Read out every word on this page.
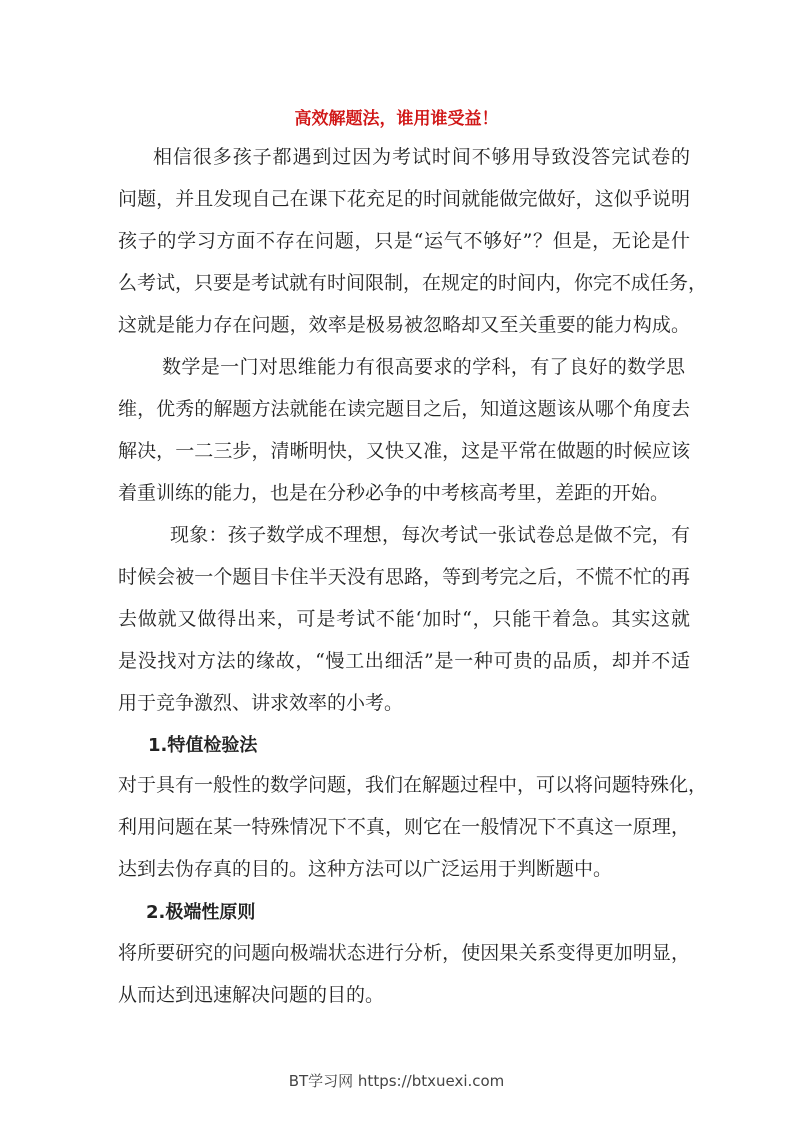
高效解题法，谁用谁受益！
相信很多孩子都遇到过因为考试时间不够用导致没答完试卷的
问题，并且发现自己在课下花充足的时间就能做完做好，这似乎说明
孩子的学习方面不存在问题，只是“运气不够好”？但是，无论是什
么考试，只要是考试就有时间限制，在规定的时间内，你完不成任务，
这就是能力存在问题，效率是极易被忽略却又至关重要的能力构成。
数学是一门对思维能力有很高要求的学科，有了良好的数学思
维，优秀的解题方法就能在读完题目之后，知道这题该从哪个角度去
解决，一二三步，清晰明快，又快又准，这是平常在做题的时候应该
着重训练的能力，也是在分秒必争的中考核高考里，差距的开始。
现象：孩子数学成不理想，每次考试一张试卷总是做不完，有
时候会被一个题目卡住半天没有思路，等到考完之后，不慌不忙的再
去做就又做得出来，可是考试不能‘加时“，只能干着急。其实这就
是没找对方法的缘故，“慢工出细活”是一种可贵的品质，却并不适
用于竞争激烈、讲求效率的小考。
1.特值检验法
对于具有一般性的数学问题，我们在解题过程中，可以将问题特殊化，
利用问题在某一特殊情况下不真，则它在一般情况下不真这一原理，
达到去伪存真的目的。这种方法可以广泛运用于判断题中。
2.极端性原则
将所要研究的问题向极端状态进行分析，使因果关系变得更加明显，
从而达到迅速解决问题的目的。
BT学习网 https://btxuexi.com
